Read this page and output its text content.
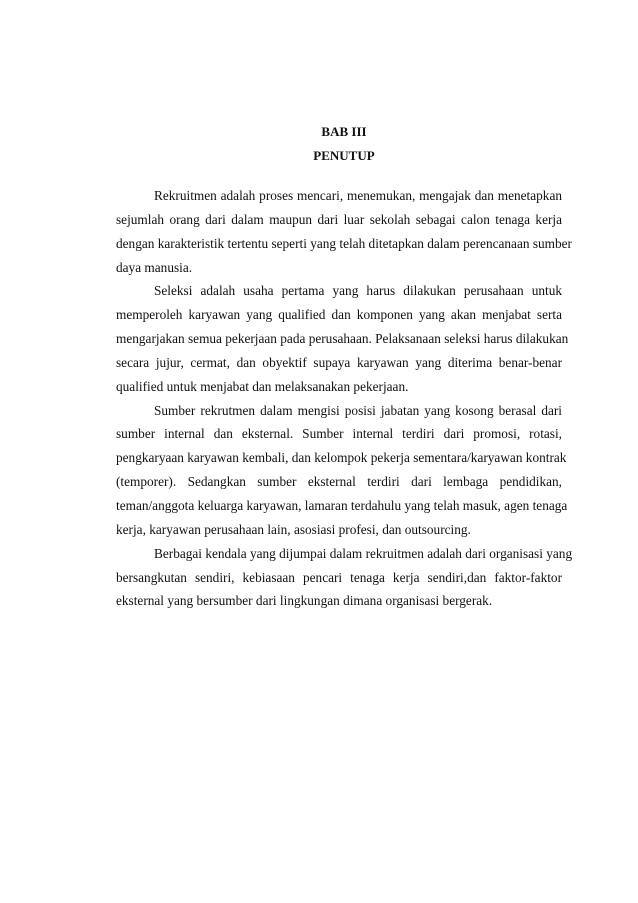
BAB III
PENUTUP
Rekruitmen adalah proses mencari, menemukan, mengajak dan menetapkan
sejumlah orang dari dalam maupun dari luar sekolah sebagai calon tenaga kerja
dengan karakteristik tertentu seperti yang telah ditetapkan dalam perencanaan sumber
daya manusia.
Seleksi adalah usaha pertama yang harus dilakukan perusahaan untuk
memperoleh karyawan yang qualified dan komponen yang akan menjabat serta
mengarjakan semua pekerjaan pada perusahaan. Pelaksanaan seleksi harus dilakukan
secara jujur, cermat, dan obyektif supaya karyawan yang diterima benar-benar
qualified untuk menjabat dan melaksanakan pekerjaan.
Sumber rekrutmen dalam mengisi posisi jabatan yang kosong berasal dari
sumber internal dan eksternal. Sumber internal terdiri dari promosi, rotasi,
pengkaryaan karyawan kembali, dan kelompok pekerja sementara/karyawan kontrak
(temporer). Sedangkan sumber eksternal terdiri dari lembaga pendidikan,
teman/anggota keluarga karyawan, lamaran terdahulu yang telah masuk, agen tenaga
kerja, karyawan perusahaan lain, asosiasi profesi, dan outsourcing.
Berbagai kendala yang dijumpai dalam rekruitmen adalah dari organisasi yang
bersangkutan sendiri, kebiasaan pencari tenaga kerja sendiri,dan faktor-faktor
eksternal yang bersumber dari lingkungan dimana organisasi bergerak.
